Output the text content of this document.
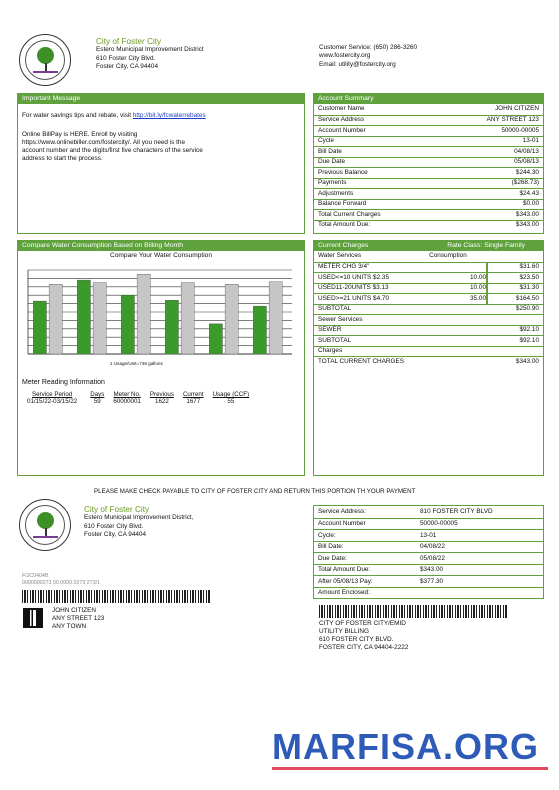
City of Foster City
Estero Municipal Improvement District
610 Foster City Blvd.
Foster City, CA 94404
Customer Service: (650) 286-3260
www.fostercity.org
Email: utility@fostercity.org
Important Message
For water savings tips and rebate, visit http://bit.ly/fcwaterrebates
Online BillPay is HERE. Enroll by visiting
https://www.onlinebiller.com/fostercity/. All you need is the
account number and the digits/first five characters of the service
address to start the process.
Account Summary
Customer Name	JOHN CITIZEN
Service Address	ANY STREET 123
Account Number	50000-00005
Cycle	13-01
Bill Date	04/08/13
Due Date	05/08/13
Previous Balance	$244.30
Payments	($268.73)
Adjustments	$24.43
Balance Forward	$0.00
Total Current Charges	$343.00
Total Amount Due:	$343.00
Compare Water Consumption Based on Billing Month
Compare Your Water Consumption
1 Usage/Unit=748 gallons
Meter Reading Information
Service Period	Days	Meter No.	Previous	Current	Usage (CCF)
01/15/22-03/15/22	59	60000001	1622	1677	55
Current Charges	Rate Class: Single Family
Water Services	Consumption
METER CHG 3/4"	$31.60
USED<=10 UNITS $2.35	10.00	$23.50
USED11-20UNITS $3.13	10.00	$31.30
USED>=21 UNITS $4.70	35.00	$164.50
SUBTOTAL	$250.90
Sewer Services
SEWER	$92.10
SUBTOTAL	$92.10
Charges
TOTAL CURRENT CHARGES	$343.00
PLEASE MAKE CHECK PAYABLE TO CITY OF FOSTER CITY AND RETURN THIS PORTION TH YOUR PAYMENT
City of Foster City
Estero Municipal Improvement District,
610 Foster City Blvd.
Foster City, CA 94404
FOC0404B
0000000273 00.0000.0273 273/1
JOHN CITIZEN
ANY STREET 123
ANY TOWN
Service Address:	810 FOSTER CITY BLVD
Account Number	50000-00005
Cycle:	13-01
Bill Date:	04/08/22
Due Date:	05/08/22
Total Amount Due:	$343.00
After 05/08/13 Pay:	$377.30
Amount Enclosed:
CITY OF FOSTER CITY/EMID
UTILITY BILLING
610 FOSTER CITY BLVD.
FOSTER CITY, CA 94404-2222
MARFISA.ORG
